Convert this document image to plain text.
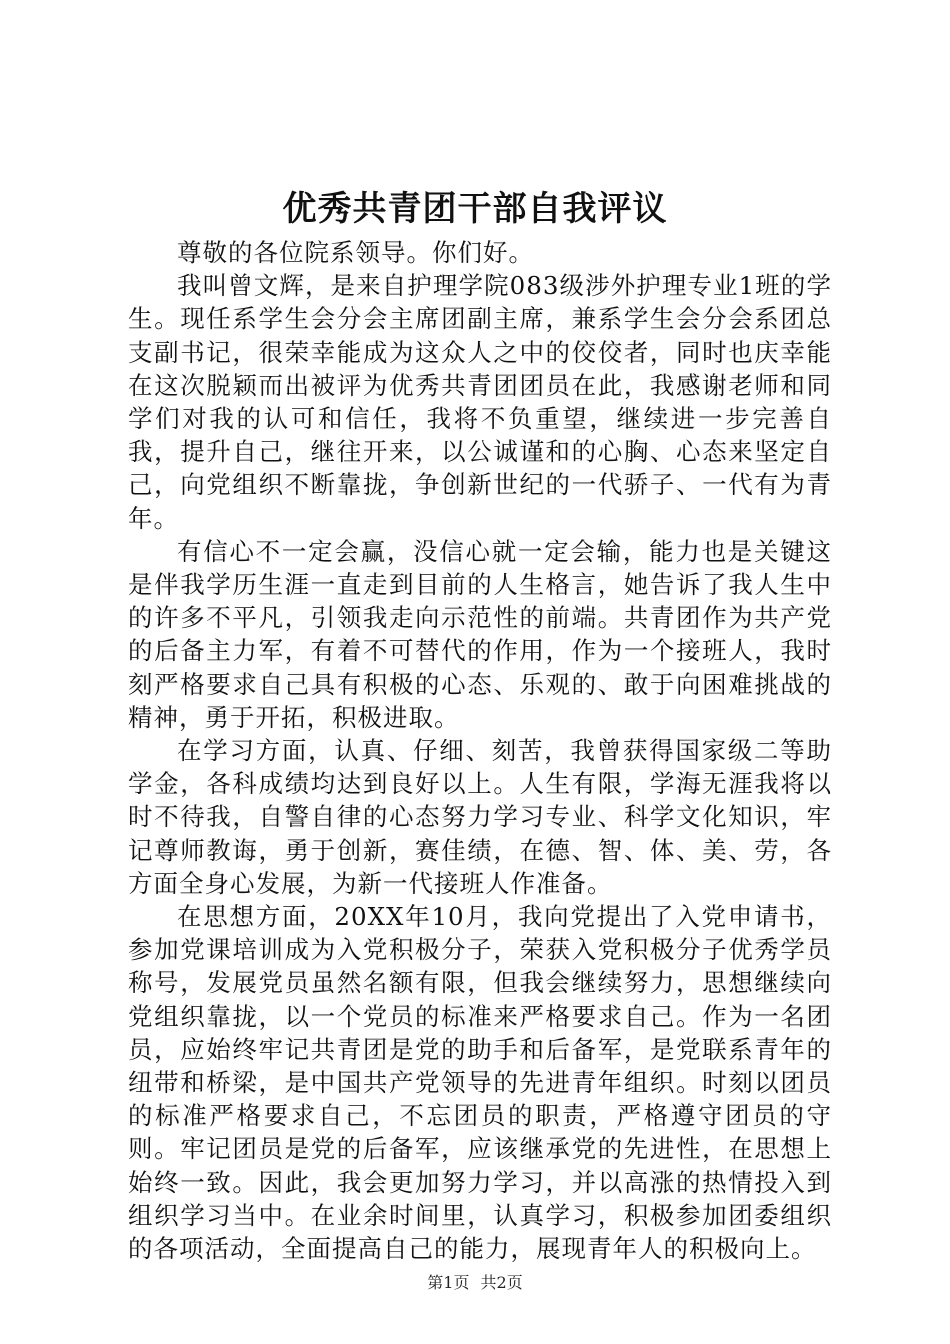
优秀共青团干部自我评议

尊敬的各位院系领导。你们好。

我叫曾文辉，是来自护理学院083级涉外护理专业1班的学生。现任系学生会分会主席团副主席，兼系学生会分会系团总支副书记，很荣幸能成为这众人之中的佼佼者，同时也庆幸能在这次脱颖而出被评为优秀共青团团员在此，我感谢老师和同学们对我的认可和信任，我将不负重望，继续进一步完善自我，提升自己，继往开来，以公诚谨和的心胸、心态来坚定自己，向党组织不断靠拢，争创新世纪的一代骄子、一代有为青年。

有信心不一定会赢，没信心就一定会输，能力也是关键这是伴我学历生涯一直走到目前的人生格言，她告诉了我人生中的许多不平凡，引领我走向示范性的前端。共青团作为共产党的后备主力军，有着不可替代的作用，作为一个接班人，我时刻严格要求自己具有积极的心态、乐观的、敢于向困难挑战的精神，勇于开拓，积极进取。

在学习方面，认真、仔细、刻苦，我曾获得国家级二等助学金，各科成绩均达到良好以上。人生有限，学海无涯我将以时不待我，自警自律的心态努力学习专业、科学文化知识，牢记尊师教诲，勇于创新，赛佳绩，在德、智、体、美、劳，各方面全身心发展，为新一代接班人作准备。

在思想方面，20XX年10月，我向党提出了入党申请书，参加党课培训成为入党积极分子，荣获入党积极分子优秀学员称号，发展党员虽然名额有限，但我会继续努力，思想继续向党组织靠拢，以一个党员的标准来严格要求自己。作为一名团员，应始终牢记共青团是党的助手和后备军，是党联系青年的纽带和桥梁，是中国共产党领导的先进青年组织。时刻以团员的标准严格要求自己，不忘团员的职责，严格遵守团员的守则。牢记团员是党的后备军，应该继承党的先进性，在思想上始终一致。因此，我会更加努力学习，并以高涨的热情投入到组织学习当中。在业余时间里，认真学习，积极参加团委组织的各项活动，全面提高自己的能力，展现青年人的积极向上。

第1页 共2页
